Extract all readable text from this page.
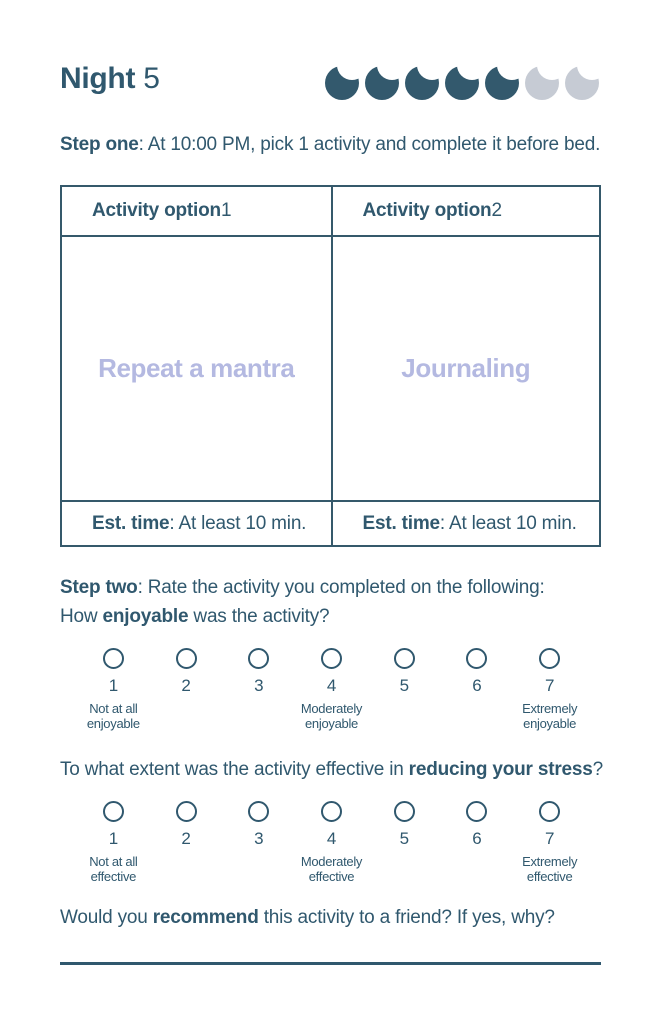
Night 5

Step one: At 10:00 PM, pick 1 activity and complete it before bed.

Activity option 1	Activity option 2
Repeat a mantra	Journaling
Est. time : At least 10 min.	Est. time : At least 10 min.

Step two: Rate the activity you completed on the following:

How enjoyable was the activity?

1	2	3	4	5	6	7
Not at all
enjoyable
Moderately
enjoyable
Extremely
enjoyable

To what extent was the activity effective in reducing your stress?

1	2	3	4	5	6	7
Not at all
effective
Moderately
effective
Extremely
effective

Would you recommend this activity to a friend? If yes, why?
